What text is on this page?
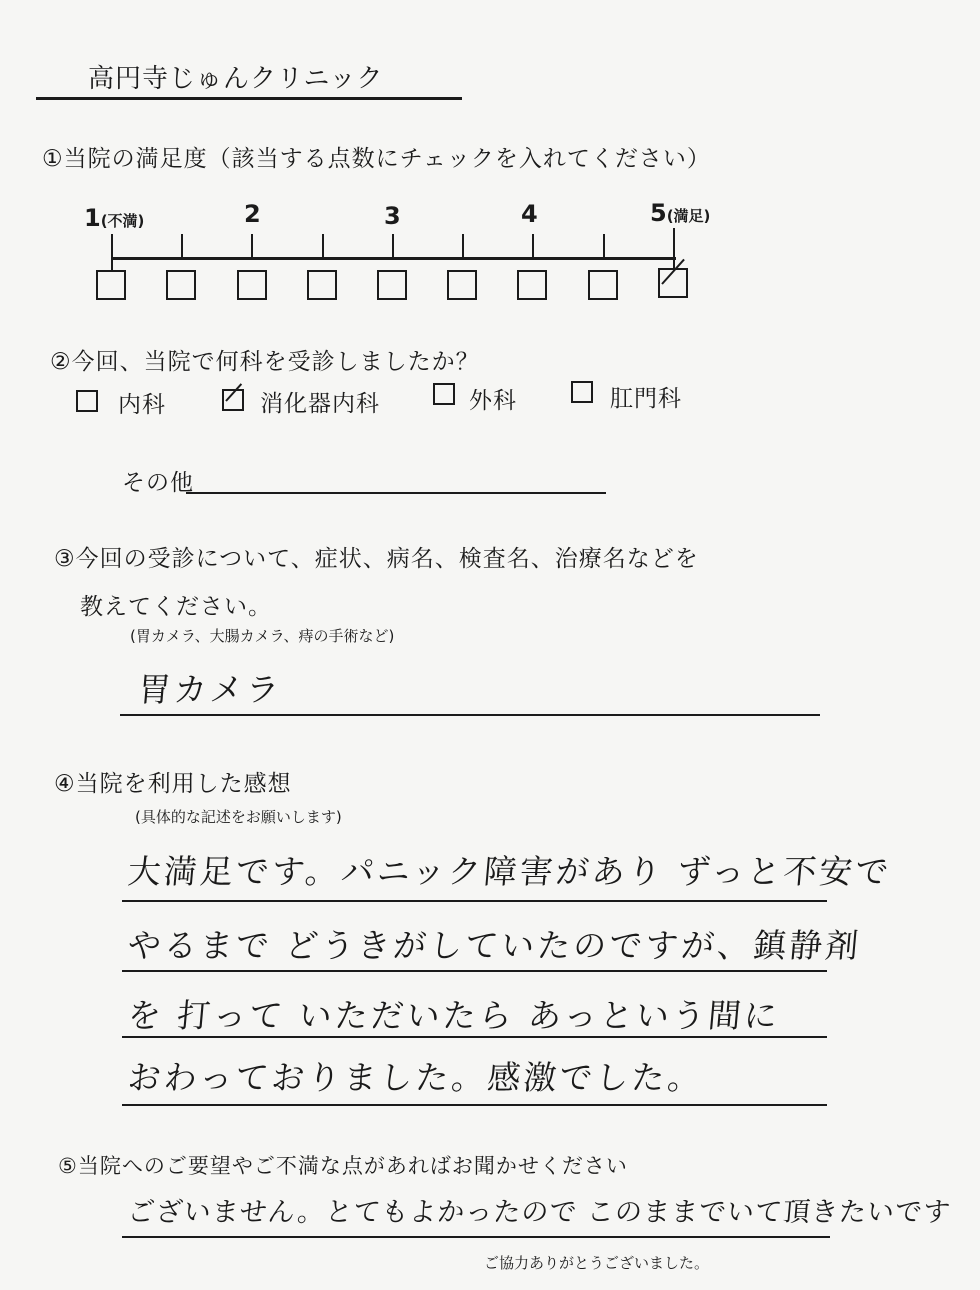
高円寺じゅんクリニック
①当院の満足度（該当する点数にチェックを入れてください）
1(不満)	2	3	4	5(満足)
②今回、当院で何科を受診しましたか？
内科	消化器内科	外科	肛門科
その他
③今回の受診について、症状、病名、検査名、治療名などを
教えてください。
(胃カメラ、大腸カメラ、痔の手術など)
胃カメラ
④当院を利用した感想
(具体的な記述をお願いします)
大満足です。パニック障害があり ずっと不安で
やるまで どうきがしていたのですが、鎮静剤
を 打って いただいたら あっという間に
おわっておりました。感激でした。
⑤当院へのご要望やご不満な点があればお聞かせください
ございません。とてもよかったので このままでいて頂きたいです
ご協力ありがとうございました。
